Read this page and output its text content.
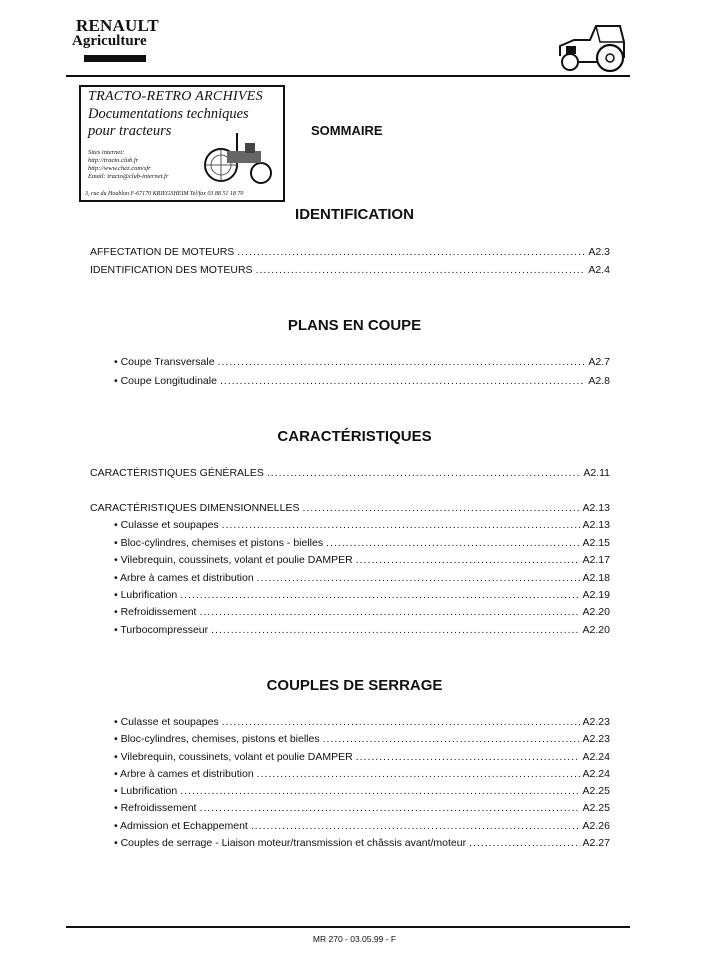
RENAULT
Agriculture
TRACTO-RETRO ARCHIVES
Documentations techniques
pour tracteurs
Sites internet:
http://tracto.club.fr
http://www.chez.com/sfr
Email: tracto@club-internet.fr
3, rue du Houblon F-67170 KRIEGSHEIM Tel/fax 03 88 51 18 70
SOMMAIRE
IDENTIFICATION
AFFECTATION DE MOTEURS .....	A2.3
IDENTIFICATION DES MOTEURS .....	A2.4
PLANS EN COUPE
• Coupe Transversale .....	A2.7
• Coupe Longitudinale .....	A2.8
CARACTÉRISTIQUES
CARACTÉRISTIQUES GÉNÉRALES .....	A2.11
CARACTÉRISTIQUES DIMENSIONNELLES .....	A2.13
• Culasse et soupapes .....	A2.13
• Bloc-cylindres, chemises et pistons - bielles .....	A2.15
• Vilebrequin, coussinets, volant et poulie DAMPER .....	A2.17
• Arbre à cames et distribution .....	A2.18
• Lubrification .....	A2.19
• Refroidissement .....	A2.20
• Turbocompresseur .....	A2.20
COUPLES DE SERRAGE
• Culasse et soupapes .....	A2.23
• Bloc-cylindres, chemises, pistons et bielles .....	A2.23
• Vilebrequin, coussinets, volant et poulie DAMPER .....	A2.24
• Arbre à cames et distribution .....	A2.24
• Lubrification .....	A2.25
• Refroidissement .....	A2.25
• Admission et Echappement .....	A2.26
• Couples de serrage - Liaison moteur/transmission et châssis avant/moteur .....	A2.27
MR 270 - 03.05.99 - F
